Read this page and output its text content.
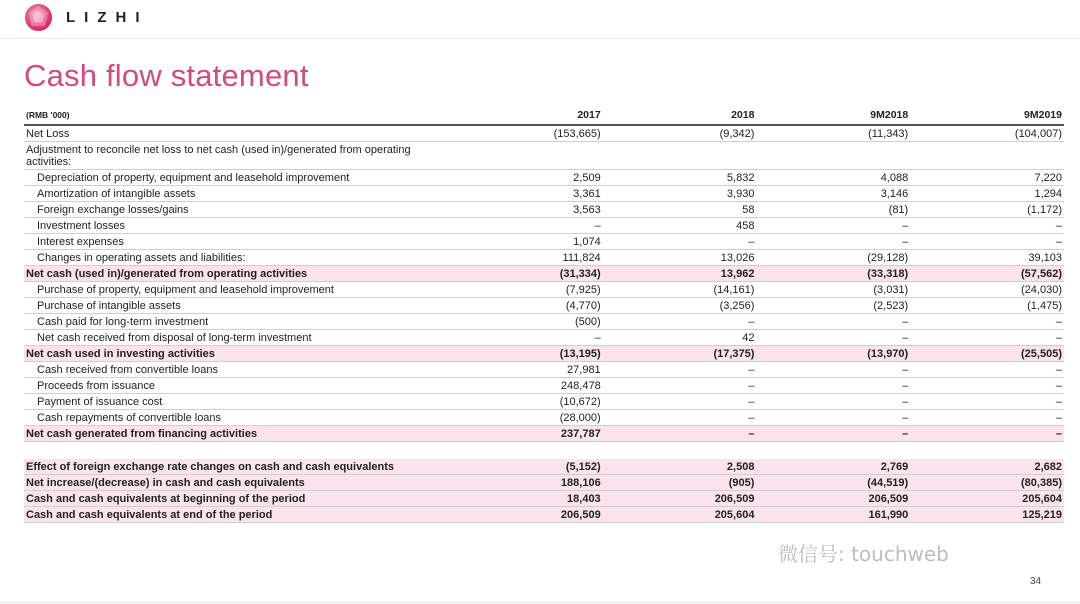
LIZHI
Cash flow statement
(RMB '000)	2017	2018	9M2018	9M2019
Net Loss	(153,665)	(9,342)	(11,343)	(104,007)
Adjustment to reconcile net loss to net cash (used in)/generated from operating activities:				
Depreciation of property, equipment and leasehold improvement	2,509	5,832	4,088	7,220
Amortization of intangible assets	3,361	3,930	3,146	1,294
Foreign exchange losses/gains	3,563	58	(81)	(1,172)
Investment losses	–	458	–	–
Interest expenses	1,074	–	–	–
Changes in operating assets and liabilities:	111,824	13,026	(29,128)	39,103
Net cash (used in)/generated from operating activities	(31,334)	13,962	(33,318)	(57,562)
Purchase of property, equipment and leasehold improvement	(7,925)	(14,161)	(3,031)	(24,030)
Purchase of intangible assets	(4,770)	(3,256)	(2,523)	(1,475)
Cash paid for long-term investment	(500)	–	–	–
Net cash received from disposal of long-term investment	–	42	–	–
Net cash used in investing activities	(13,195)	(17,375)	(13,970)	(25,505)
Cash received from convertible loans	27,981	–	–	–
Proceeds from issuance	248,478	–	–	–
Payment of issuance cost	(10,672)	–	–	–
Cash repayments of convertible loans	(28,000)	–	–	–
Net cash generated from financing activities	237,787	–	–	–

Effect of foreign exchange rate changes on cash and cash equivalents	(5,152)	2,508	2,769	2,682
Net increase/(decrease) in cash and cash equivalents	188,106	(905)	(44,519)	(80,385)
Cash and cash equivalents at beginning of the period	18,403	206,509	206,509	205,604
Cash and cash equivalents at end of the period	206,509	205,604	161,990	125,219
微信号: touchweb
34
